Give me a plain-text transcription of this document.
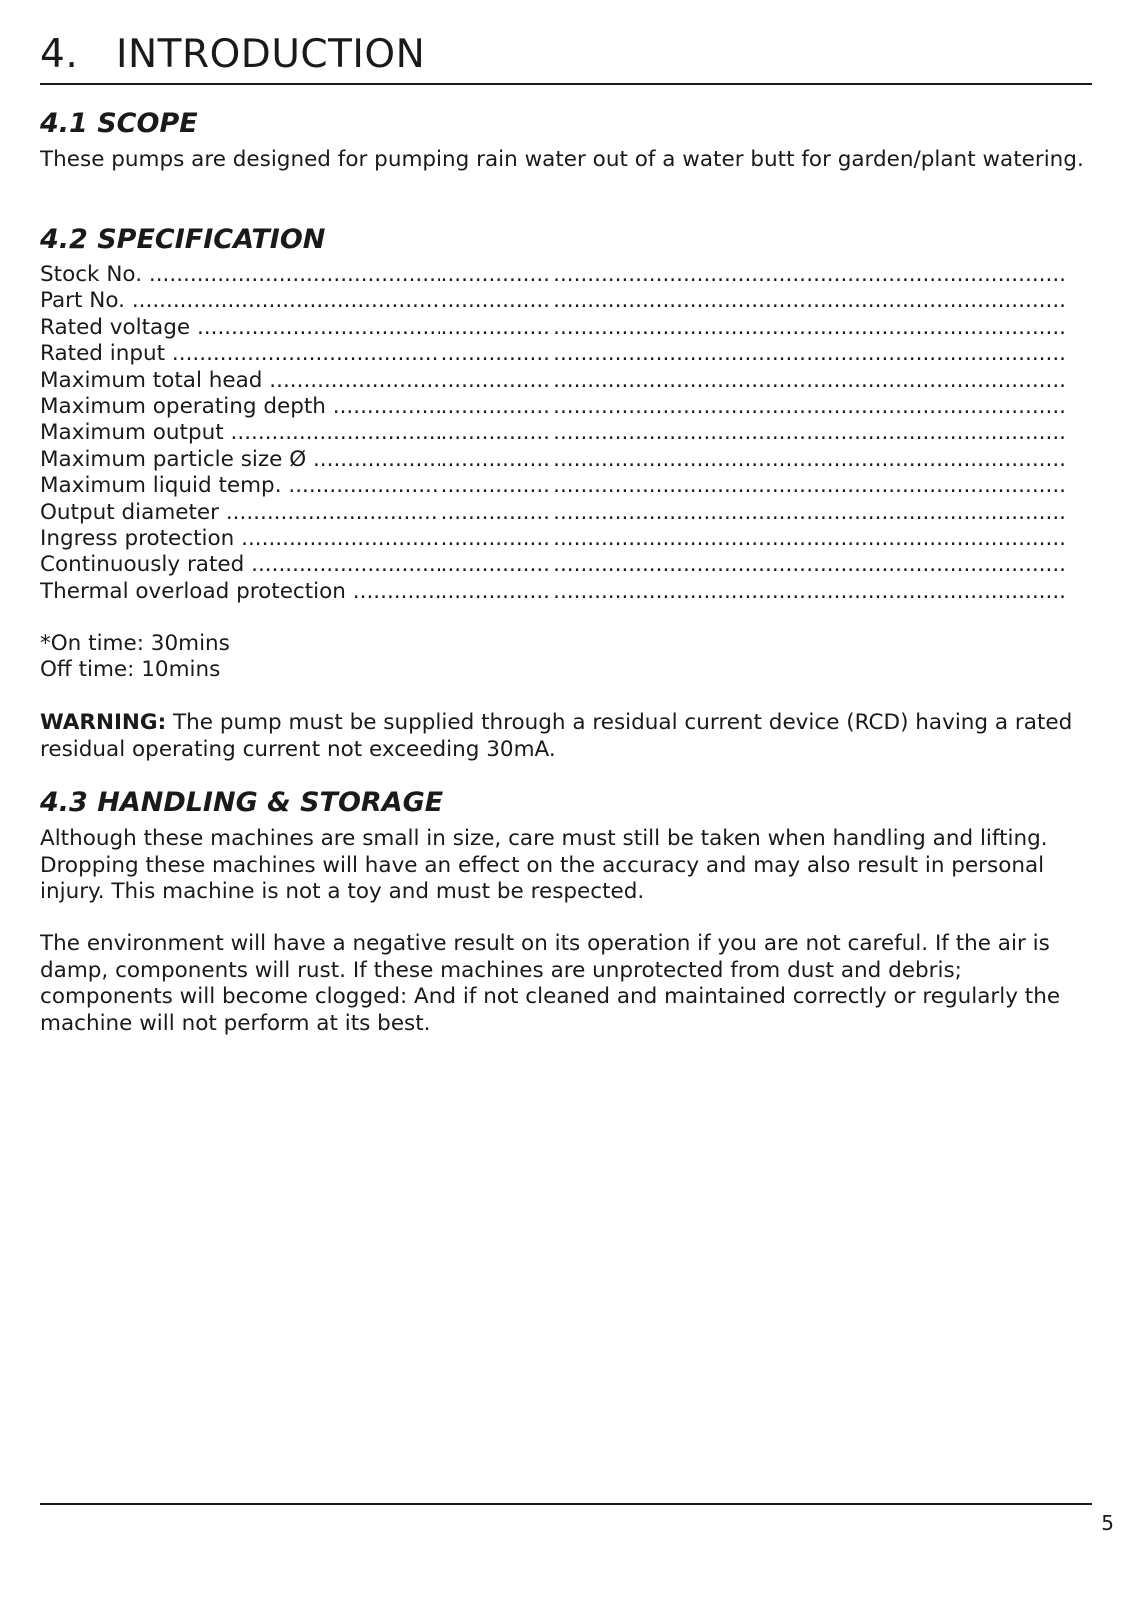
4. INTRODUCTION
4.1 SCOPE

These pumps are designed for pumping rain water out of a water butt for garden/plant watering.

4.2 SPECIFICATION
Stock No. .....
.....
.....
.....
Part No. .....
.....
.....
.....
Rated voltage .....
.....
.....
.....
Rated input .....
.....
.....
.....
Maximum total head .....
.....
.....
.....
Maximum operating depth .....
.....
.....
.....
Maximum output .....
.....
.....
.....
Maximum particle size Ø .....
.....
.....
.....
Maximum liquid temp. .....
.....
.....
.....
Output diameter .....
.....
.....
.....
Ingress protection .....
.....
.....
.....
Continuously rated .....
.....
.....
.....
Thermal overload protection .....
.....
.....
.....

*On time: 30mins

Off time: 10mins

WARNING: The pump must be supplied through a residual current device (RCD) having a rated residual operating current not exceeding 30mA.

4.3 HANDLING & STORAGE

Although these machines are small in size, care must still be taken when handling and lifting. Dropping these machines will have an effect on the accuracy and may also result in personal injury. This machine is not a toy and must be respected.

The environment will have a negative result on its operation if you are not careful. If the air is damp, components will rust. If these machines are unprotected from dust and debris; components will become clogged: And if not cleaned and maintained correctly or regularly the machine will not perform at its best.

5
